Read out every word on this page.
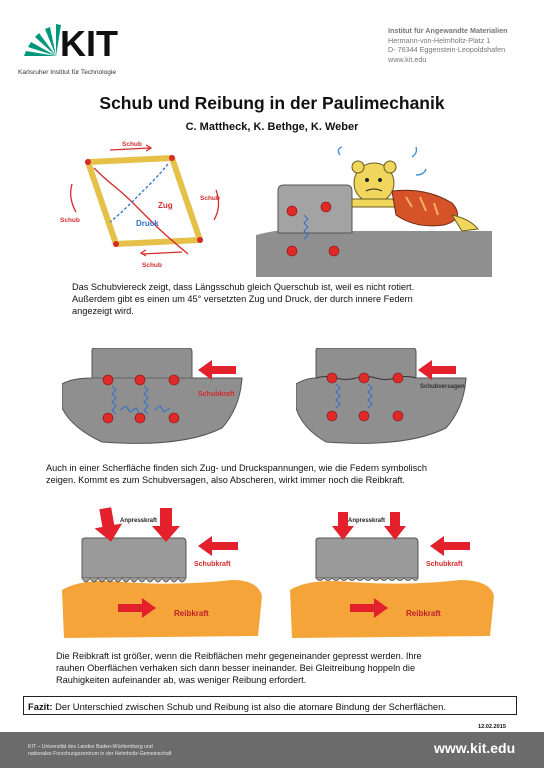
KIT
Karlsruher Institut für Technologie
Institut für Angewandte Materialien
Hermann-von-Helmholtz-Platz 1
D- 76344 Eggenstein-Leopoldshafen
www.kit.edu
Schub und Reibung in der Paulimechanik
C. Mattheck, K. Bethge, K. Weber
Schub
Schub
Schub
Schub
Zug
Druck
Das Schubviereck zeigt, dass Längsschub gleich Querschub ist, weil es nicht rotiert.
Außerdem gibt es einen um 45° versetzten Zug und Druck, der durch innere Federn
angezeigt wird.
Schubkraft
Schubversagen
Auch in einer Scherfläche finden sich Zug- und Druckspannungen, wie die Federn symbolisch
zeigen. Kommt es zum Schubversagen, also Abscheren, wirkt immer noch die Reibkraft.
Anpresskraft
Schubkraft
Reibkraft
Anpresskraft
Schubkraft
Reibkraft
Die Reibkraft ist größer, wenn die Reibflächen mehr gegeneinander gepresst werden. Ihre
rauhen Oberflächen verhaken sich dann besser ineinander. Bei Gleitreibung hoppeln die
Rauhigkeiten aufeinander ab, was weniger Reibung erfordert.
Fazit: Der Unterschied zwischen Schub und Reibung ist also die atomare Bindung der Scherflächen.
12.02.2015
KIT – Universität des Landes Baden-Württemberg und
nationales Forschungszentrum in der Helmholtz-Gemeinschaft	www.kit.edu
